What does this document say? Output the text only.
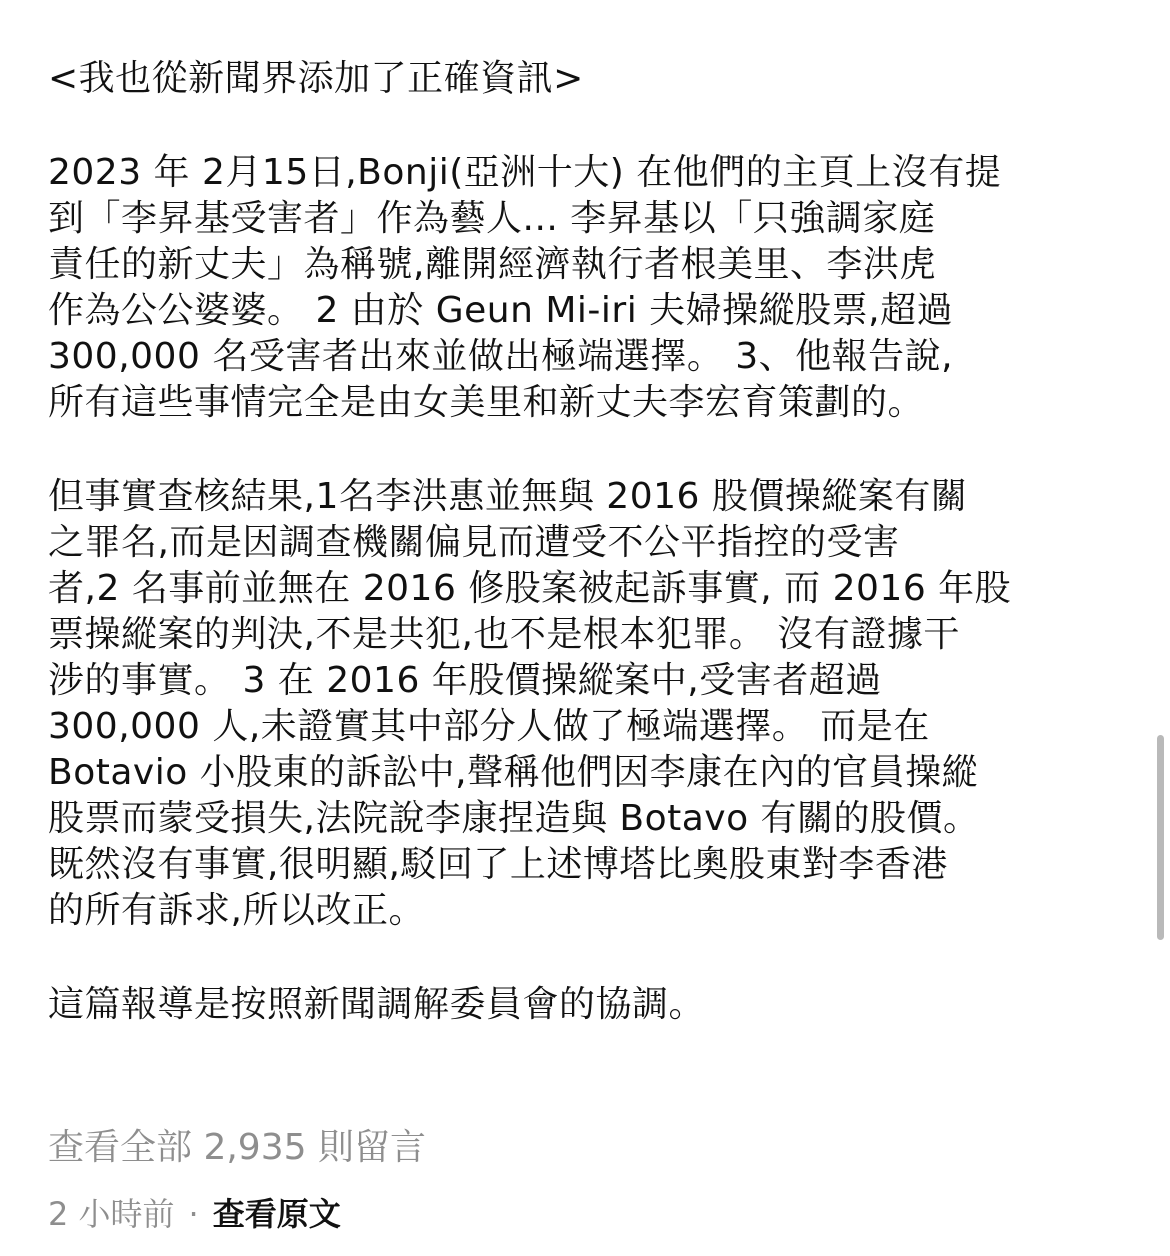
<我也從新聞界添加了正確資訊>
2023 年 2月15日,Bonji(亞洲十大) 在他們的主頁上沒有提
到「李昇基受害者」作為藝人... 李昇基以「只強調家庭
責任的新丈夫」為稱號,離開經濟執行者根美里、李洪虎
作為公公婆婆。 2 由於 Geun Mi-iri 夫婦操縱股票,超過
300,000 名受害者出來並做出極端選擇。 3、他報告說,
所有這些事情完全是由女美里和新丈夫李宏育策劃的。
但事實查核結果,1名李洪惠並無與 2016 股價操縱案有關
之罪名,而是因調查機關偏見而遭受不公平指控的受害
者,2 名事前並無在 2016 修股案被起訴事實, 而 2016 年股
票操縱案的判決,不是共犯,也不是根本犯罪。 沒有證據干
涉的事實。 3 在 2016 年股價操縱案中,受害者超過
300,000 人,未證實其中部分人做了極端選擇。 而是在
Botavio 小股東的訴訟中,聲稱他們因李康在內的官員操縱
股票而蒙受損失,法院說李康捏造與 Botavo 有關的股價。
既然沒有事實,很明顯,駁回了上述博塔比奧股東對李香港
的所有訴求,所以改正。
這篇報導是按照新聞調解委員會的協調。
查看全部 2,935 則留言
2 小時前 · 查看原文
